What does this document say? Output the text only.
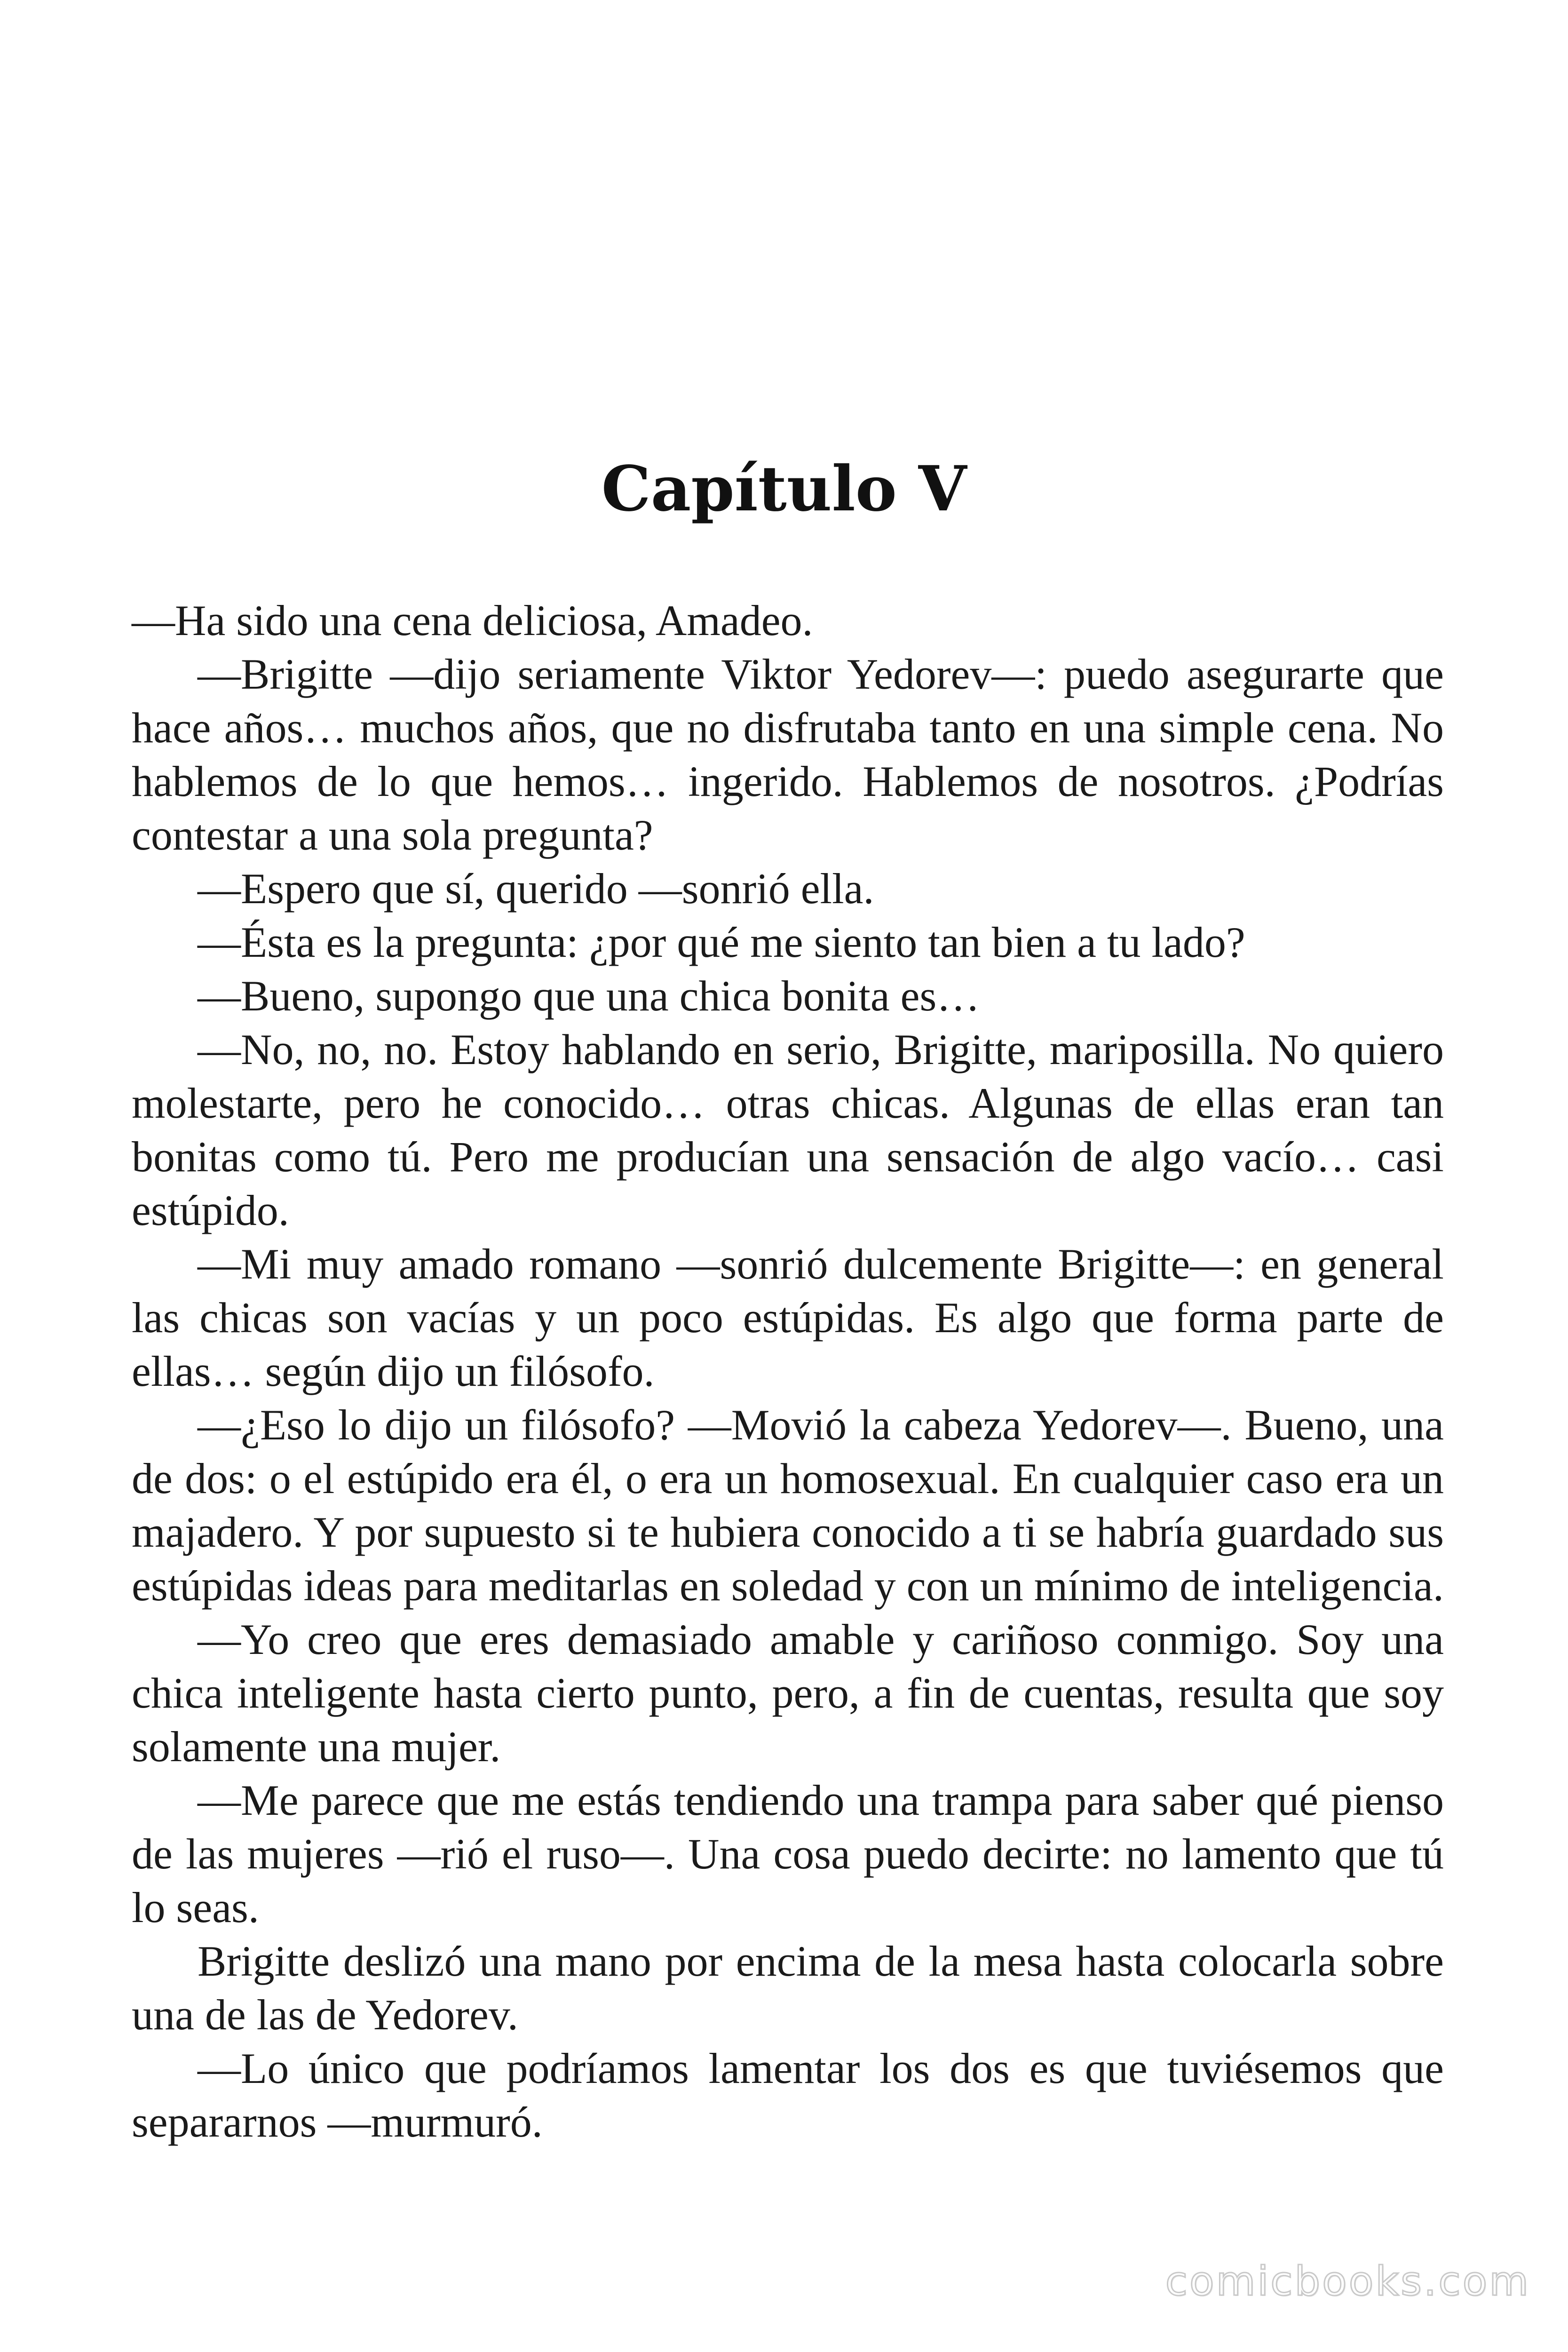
Capítulo V

—Ha sido una cena deliciosa, Amadeo.

—Brigitte —dijo seriamente Viktor Yedorev—: puedo asegurarte que hace años… muchos años, que no disfrutaba tanto en una simple cena. No hablemos de lo que hemos… ingerido. Hablemos de nosotros. ¿Podrías contestar a una sola pregunta?

—Espero que sí, querido —sonrió ella.

—Ésta es la pregunta: ¿por qué me siento tan bien a tu lado?

—Bueno, supongo que una chica bonita es…

—No, no, no. Estoy hablando en serio, Brigitte, mariposilla. No quiero molestarte, pero he conocido… otras chicas. Algunas de ellas eran tan bonitas como tú. Pero me producían una sensación de algo vacío… casi estúpido.

—Mi muy amado romano —sonrió dulcemente Brigitte—: en general las chicas son vacías y un poco estúpidas. Es algo que forma parte de ellas… según dijo un filósofo.

—¿Eso lo dijo un filósofo? —Movió la cabeza Yedorev—. Bueno, una de dos: o el estúpido era él, o era un homosexual. En cualquier caso era un majadero. Y por supuesto si te hubiera conocido a ti se habría guardado sus estúpidas ideas para meditarlas en soledad y con un mínimo de inteligencia.

—Yo creo que eres demasiado amable y cariñoso conmigo. Soy una chica inteligente hasta cierto punto, pero, a fin de cuentas, resulta que soy solamente una mujer.

—Me parece que me estás tendiendo una trampa para saber qué pienso de las mujeres —rió el ruso—. Una cosa puedo decirte: no lamento que tú lo seas.

Brigitte deslizó una mano por encima de la mesa hasta colocarla sobre una de las de Yedorev.

—Lo único que podríamos lamentar los dos es que tuviésemos que separarnos —murmuró.

comicbooks.com
